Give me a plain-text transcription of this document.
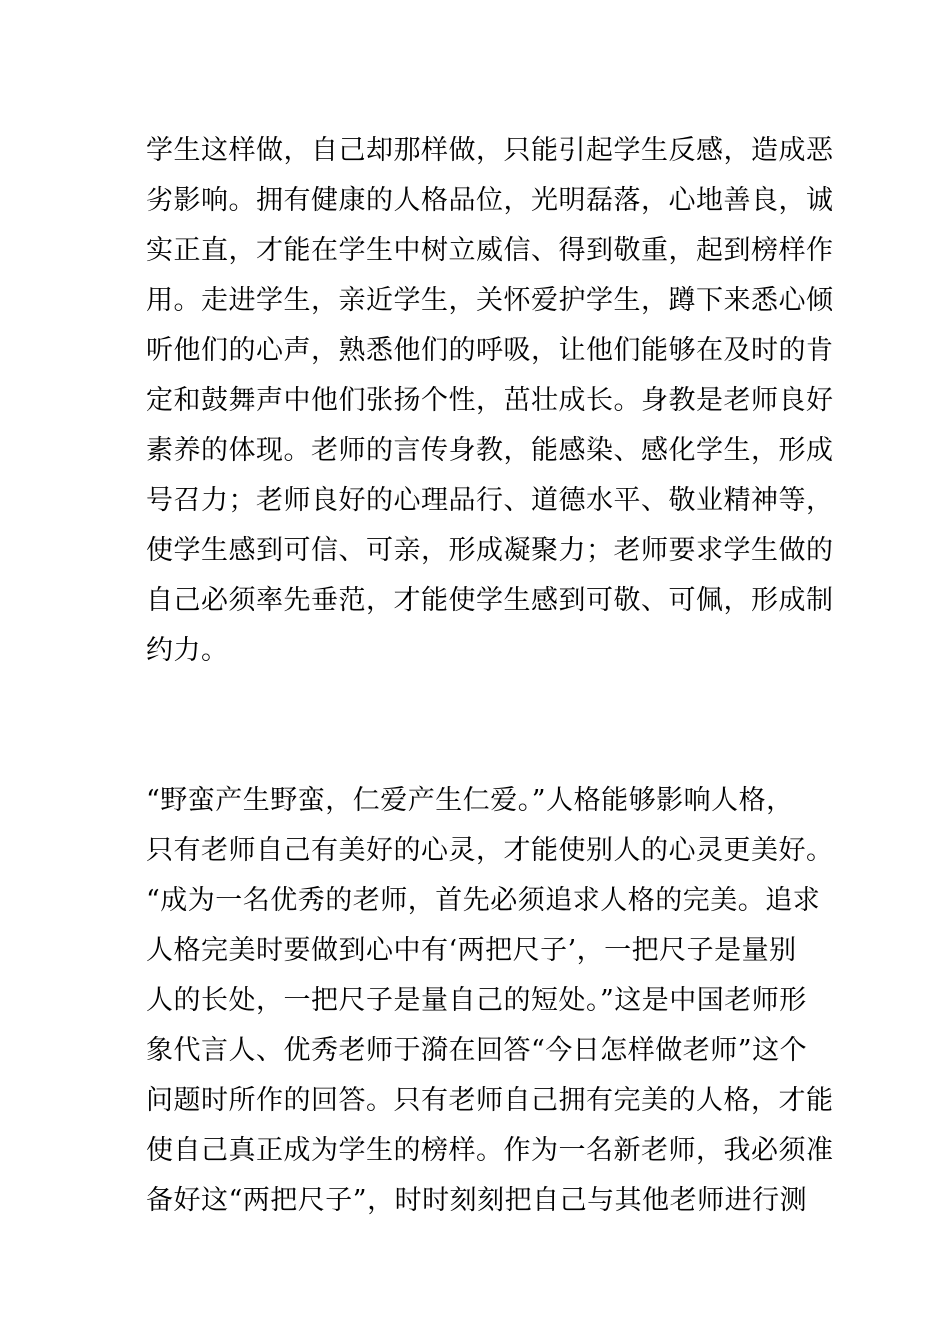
学生这样做，自己却那样做，只能引起学生反感，造成恶
劣影响。拥有健康的人格品位，光明磊落，心地善良，诚
实正直，才能在学生中树立威信、得到敬重，起到榜样作
用。走进学生，亲近学生，关怀爱护学生，蹲下来悉心倾
听他们的心声，熟悉他们的呼吸，让他们能够在及时的肯
定和鼓舞声中他们张扬个性，茁壮成长。身教是老师良好
素养的体现。老师的言传身教，能感染、感化学生，形成
号召力；老师良好的心理品行、道德水平、敬业精神等，
使学生感到可信、可亲，形成凝聚力；老师要求学生做的
自己必须率先垂范，才能使学生感到可敬、可佩，形成制
约力。

“野蛮产生野蛮，仁爱产生仁爱。”人格能够影响人格，
只有老师自己有美好的心灵，才能使别人的心灵更美好。
“成为一名优秀的老师，首先必须追求人格的完美。追求
人格完美时要做到心中有‘两把尺子’，一把尺子是量别
人的长处，一把尺子是量自己的短处。”这是中国老师形
象代言人、优秀老师于漪在回答“今日怎样做老师”这个
问题时所作的回答。只有老师自己拥有完美的人格，才能
使自己真正成为学生的榜样。作为一名新老师，我必须准
备好这“两把尺子”，时时刻刻把自己与其他老师进行测
